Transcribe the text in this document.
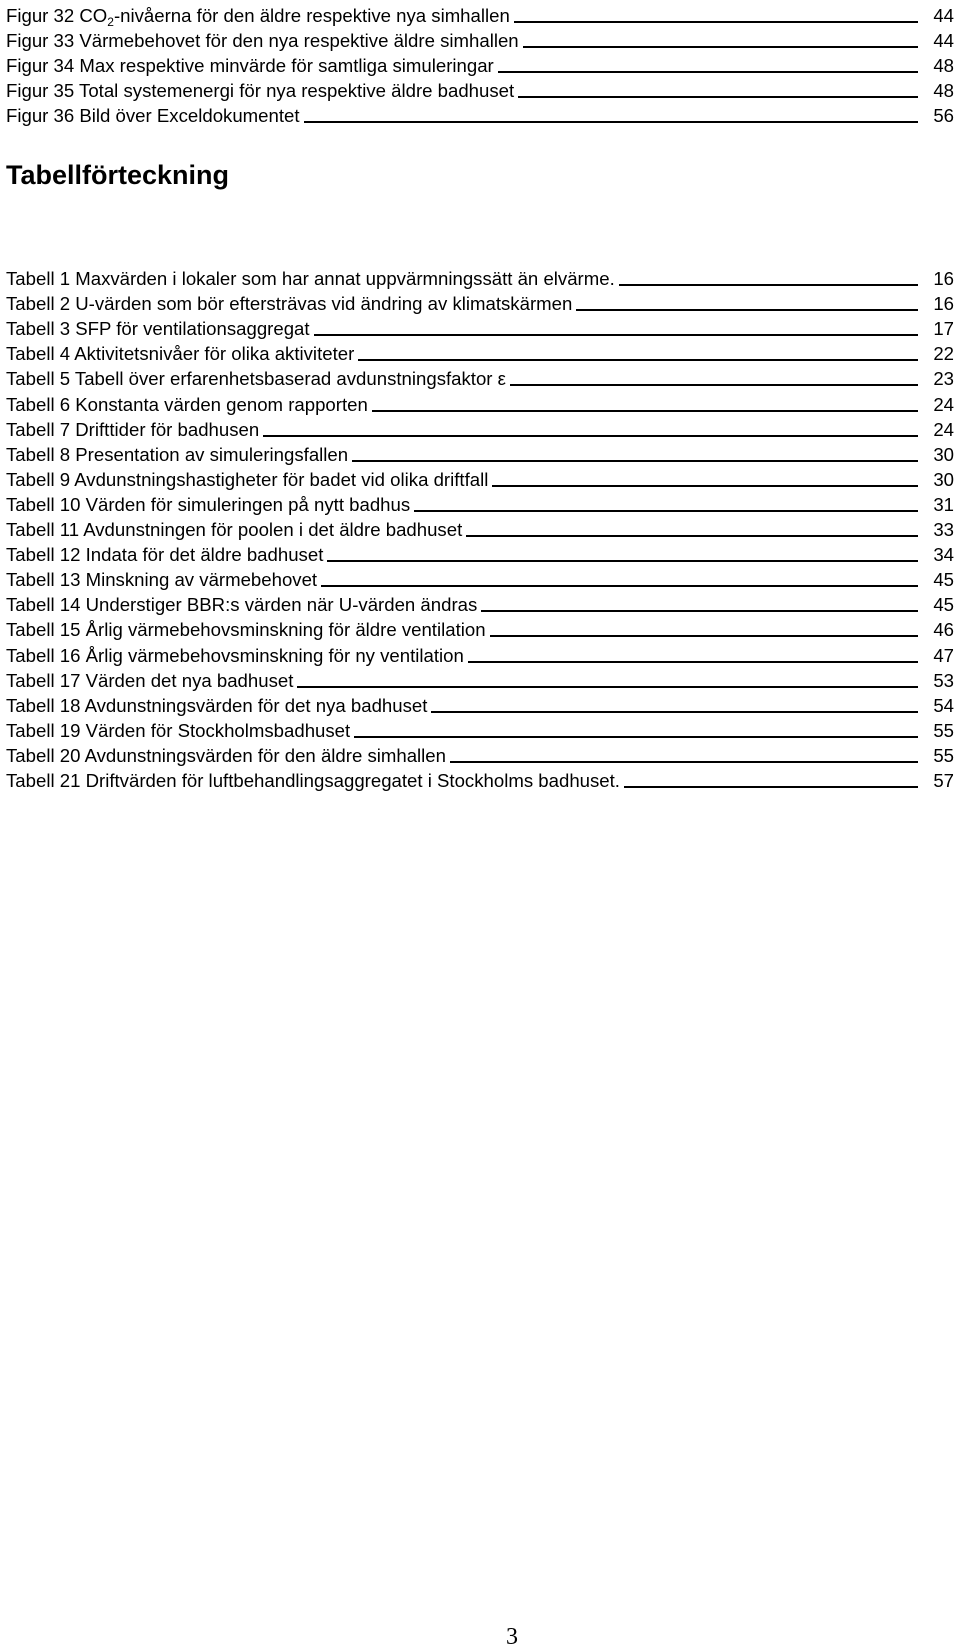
Figur 32 $CO_2$-nivåerna för den äldre respektive nya simhallen	44
Figur 33 Värmebehovet för den nya respektive äldre simhallen	44
Figur 34 Max respektive minvärde för samtliga simuleringar	48
Figur 35 Total systemenergi för nya respektive äldre badhuset	48
Figur 36 Bild över Exceldokumentet	56
Tabellförteckning
Tabell 1 Maxvärden i lokaler som har annat uppvärmningssätt än elvärme.	16
Tabell 2 U-värden som bör eftersträvas vid ändring av klimatskärmen	16
Tabell 3 SFP för ventilationsaggregat	17
Tabell 4 Aktivitetsnivåer för olika aktiviteter	22
Tabell 5 Tabell över erfarenhetsbaserad avdunstningsfaktor ε	23
Tabell 6 Konstanta värden genom rapporten	24
Tabell 7 Drifttider för badhusen	24
Tabell 8 Presentation av simuleringsfallen	30
Tabell 9 Avdunstningshastigheter för badet vid olika driftfall	30
Tabell 10 Värden för simuleringen på nytt badhus	31
Tabell 11 Avdunstningen för poolen i det äldre badhuset	33
Tabell 12 Indata för det äldre badhuset	34
Tabell 13 Minskning av värmebehovet	45
Tabell 14 Understiger BBR:s värden när U-värden ändras	45
Tabell 15 Årlig värmebehovsminskning för äldre ventilation	46
Tabell 16 Årlig värmebehovsminskning för ny ventilation	47
Tabell 17 Värden det nya badhuset	53
Tabell 18 Avdunstningsvärden för det nya badhuset	54
Tabell 19 Värden för Stockholmsbadhuset	55
Tabell 20 Avdunstningsvärden för den äldre simhallen	55
Tabell 21 Driftvärden för luftbehandlingsaggregatet i Stockholms badhuset.	57
3
